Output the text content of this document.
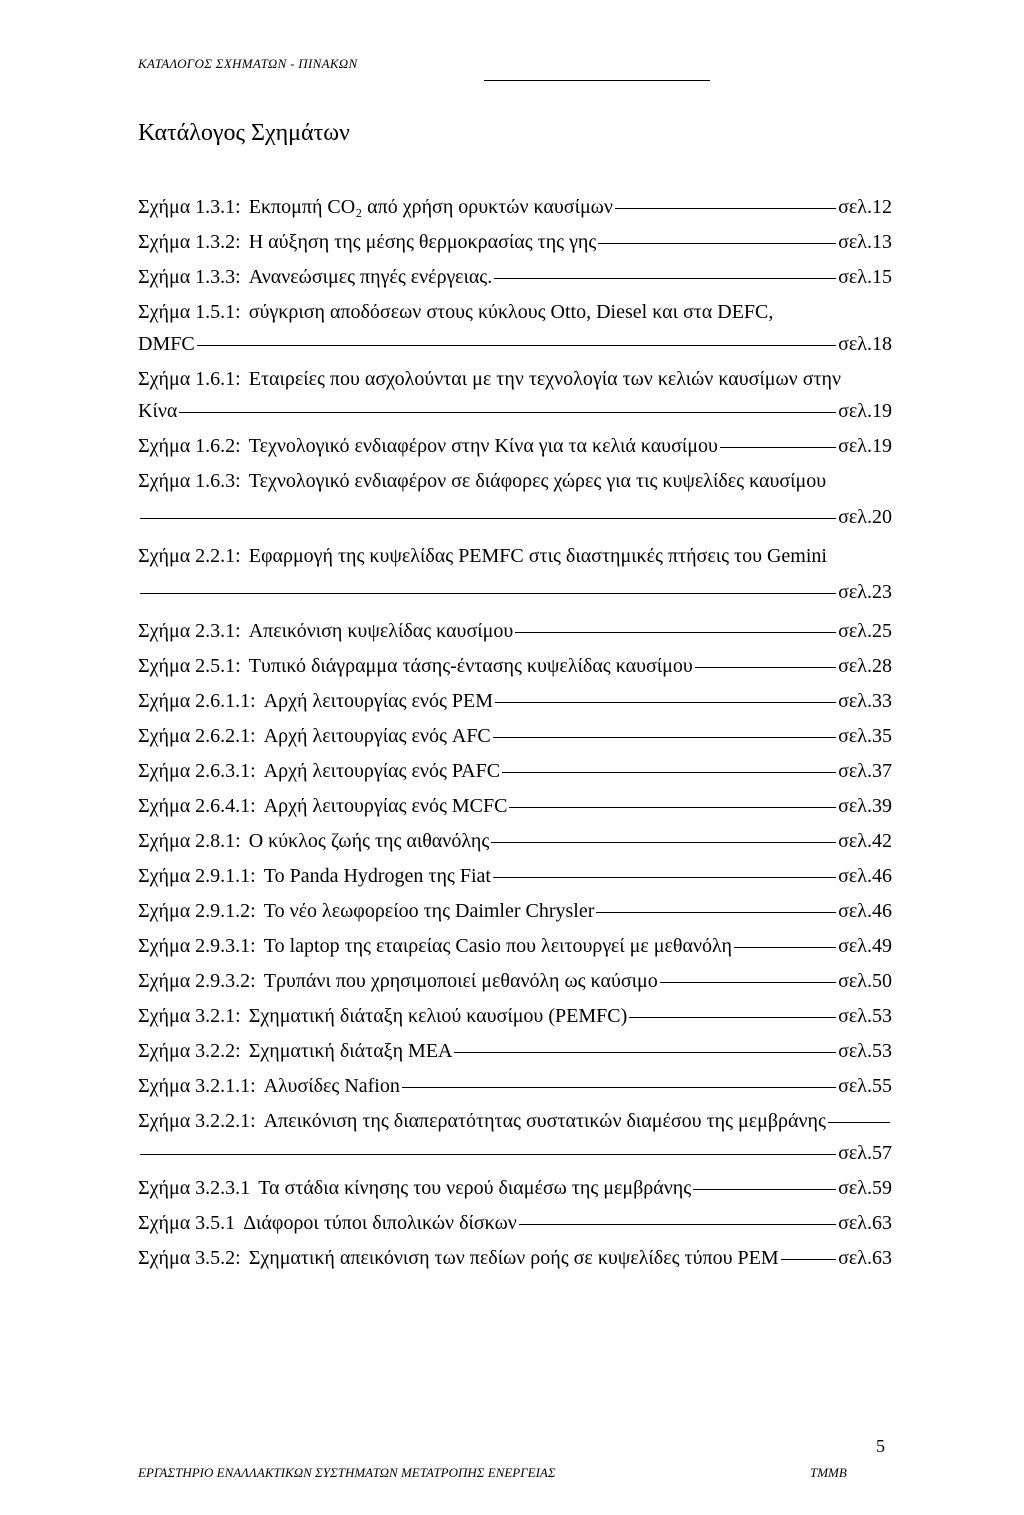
ΚΑΤΑΛΟΓΟΣ ΣΧΗΜΑΤΩΝ - ΠΙΝΑΚΩΝ
Κατάλογος Σχημάτων
Σχήμα 1.3.1: Εκπομπή CO₂ από χρήση ορυκτών καυσίμων	σελ.12
Σχήμα 1.3.2: Η αύξηση της μέσης θερμοκρασίας της γης	σελ.13
Σχήμα 1.3.3: Ανανεώσιμες πηγές ενέργειας.	σελ.15
Σχήμα 1.5.1: σύγκριση αποδόσεων στους κύκλους Otto, Diesel και στα DEFC,
DMFC	σελ.18
Σχήμα 1.6.1: Εταιρείες που ασχολούνται με την τεχνολογία των κελιών καυσίμων στην
Κίνα	σελ.19
Σχήμα 1.6.2: Τεχνολογικό ενδιαφέρον στην Κίνα για τα κελιά καυσίμου	σελ.19
Σχήμα 1.6.3: Τεχνολογικό ενδιαφέρον σε διάφορες χώρες για τις κυψελίδες καυσίμου
σελ.20
Σχήμα 2.2.1: Εφαρμογή της κυψελίδας PEMFC στις διαστημικές πτήσεις του Gemini
σελ.23
Σχήμα 2.3.1: Απεικόνιση κυψελίδας καυσίμου	σελ.25
Σχήμα 2.5.1: Τυπικό διάγραμμα τάσης-έντασης κυψελίδας καυσίμου	σελ.28
Σχήμα 2.6.1.1: Αρχή λειτουργίας ενός PEM	σελ.33
Σχήμα 2.6.2.1: Αρχή λειτουργίας ενός AFC	σελ.35
Σχήμα 2.6.3.1: Αρχή λειτουργίας ενός PAFC	σελ.37
Σχήμα 2.6.4.1: Αρχή λειτουργίας ενός MCFC	σελ.39
Σχήμα 2.8.1: Ο κύκλος ζωής της αιθανόλης	σελ.42
Σχήμα 2.9.1.1: Το Panda Hydrogen της Fiat	σελ.46
Σχήμα 2.9.1.2: Το νέο λεωφορείοο της Daimler Chrysler	σελ.46
Σχήμα 2.9.3.1: Το laptop της εταιρείας Casio που λειτουργεί με μεθανόλη	σελ.49
Σχήμα 2.9.3.2: Τρυπάνι που χρησιμοποιεί μεθανόλη ως καύσιμο	σελ.50
Σχήμα 3.2.1: Σχηματική διάταξη κελιού καυσίμου (PEMFC)	σελ.53
Σχήμα 3.2.2: Σχηματική διάταξη ΜΕΑ	σελ.53
Σχήμα 3.2.1.1: Αλυσίδες Nafion	σελ.55
Σχήμα 3.2.2.1: Απεικόνιση της διαπερατότητας συστατικών διαμέσου της μεμβράνης
σελ.57
Σχήμα 3.2.3.1 Τα στάδια κίνησης του νερού διαμέσω της μεμβράνης	σελ.59
Σχήμα 3.5.1 Διάφοροι τύποι διπολικών δίσκων	σελ.63
Σχήμα 3.5.2: Σχηματική απεικόνιση των πεδίων ροής σε κυψελίδες τύπου PEM	σελ.63
5
ΕΡΓΑΣΤΗΡΙΟ ΕΝΑΛΛΑΚΤΙΚΩΝ ΣΥΣΤΗΜΑΤΩΝ ΜΕΤΑΤΡΟΠΗΣ ΕΝΕΡΓΕΙΑΣ	ΤΜΜΒ
